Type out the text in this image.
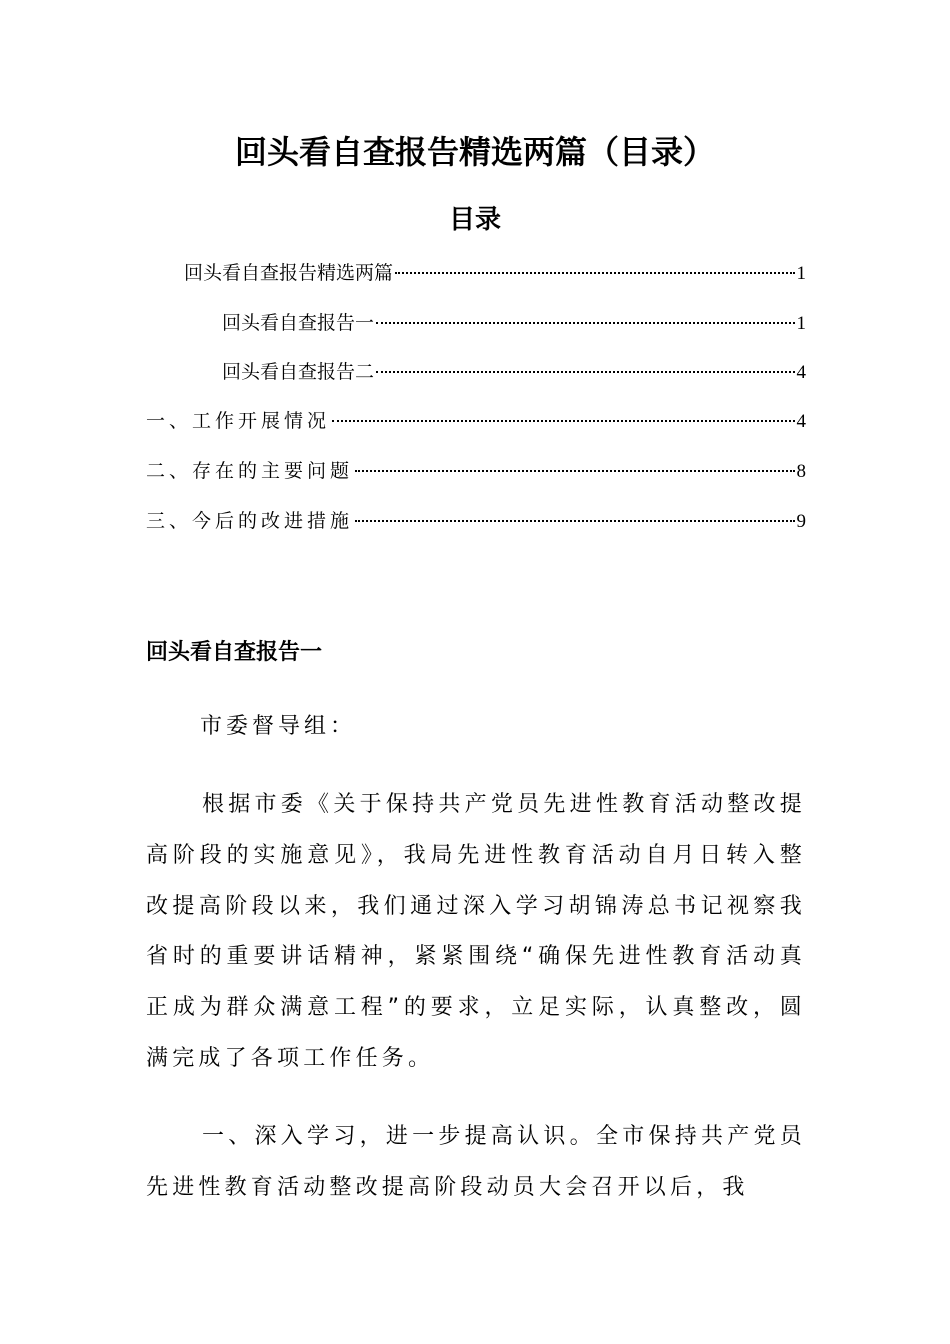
回头看自查报告精选两篇（目录）
目录
回头看自查报告精选两篇	1
回头看自查报告一	1
回头看自查报告二	4
一、工作开展情况	4
二、存在的主要问题	8
三、今后的改进措施	9
回头看自查报告一

市委督导组：

根据市委《关于保持共产党员先进性教育活动整改提高阶段的实施意见》，我局先进性教育活动自月日转入整改提高阶段以来，我们通过深入学习胡锦涛总书记视察我省时的重要讲话精神，紧紧围绕“确保先进性教育活动真正成为群众满意工程”的要求，立足实际，认真整改，圆满完成了各项工作任务。

一、深入学习，进一步提高认识。全市保持共产党员先进性教育活动整改提高阶段动员大会召开以后，我
